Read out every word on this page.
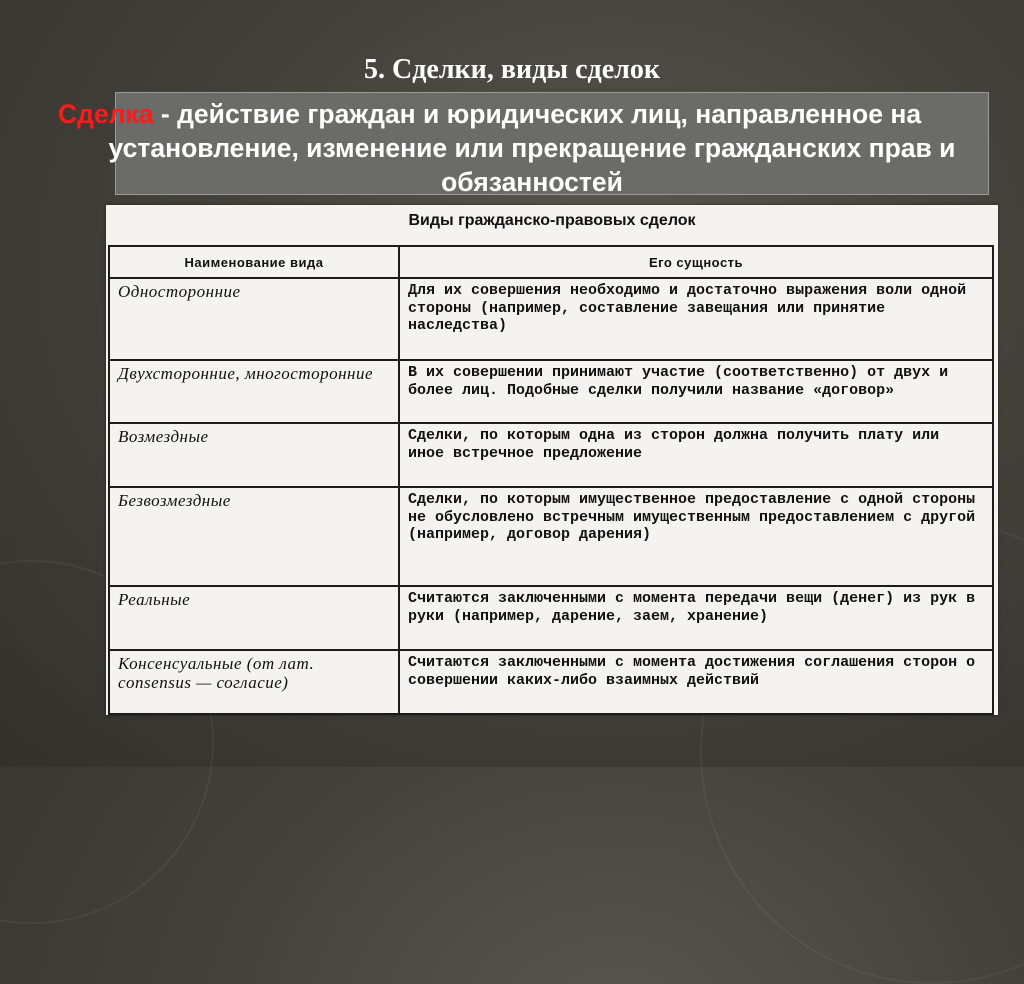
5. Сделки, виды сделок
Сделка - действие граждан и юридических лиц, направленное на
установление, изменение или прекращение гражданских прав и
обязанностей
Виды гражданско-правовых сделок
Наименование вида	Его сущность
Односторонние	Для их совершения необходимо и достаточно выражения воли одной стороны (например, составление завещания или принятие наследства)
Двухсторонние, многосторонние	В их совершении принимают участие (соответственно) от двух и более лиц. Подобные сделки получили название «договор»
Возмездные	Сделки, по которым одна из сторон должна получить плату или иное встречное предложение
Безвозмездные	Сделки, по которым имущественное предоставление с одной стороны не обусловлено встречным имущественным предоставлением с другой (например, договор дарения)
Реальные	Считаются заключенными с момента передачи вещи (денег) из рук в руки (например, дарение, заем, хранение)
Консенсуальные (от лат. consensus — согласие)	Считаются заключенными с момента достижения соглашения сторон о совершении каких-либо взаимных действий
